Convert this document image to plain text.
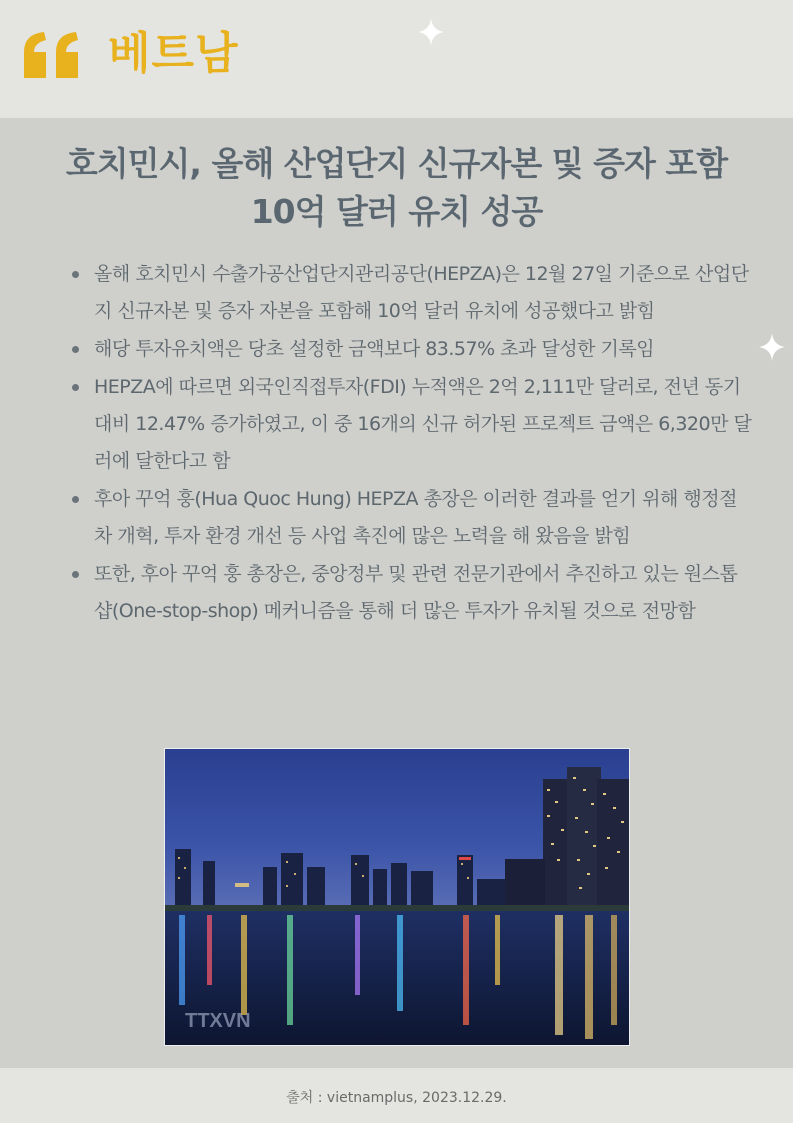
베트남
호치민시, 올해 산업단지 신규자본 및 증자 포함
10억 달러 유치 성공
올해 호치민시 수출가공산업단지관리공단(HEPZA)은 12월 27일 기준으로 산업단지 신규자본 및 증자 자본을 포함해 10억 달러 유치에 성공했다고 밝힘
해당 투자유치액은 당초 설정한 금액보다 83.57% 초과 달성한 기록임
HEPZA에 따르면 외국인직접투자(FDI) 누적액은 2억 2,111만 달러로, 전년 동기 대비 12.47% 증가하였고, 이 중 16개의 신규 허가된 프로젝트 금액은 6,320만 달러에 달한다고 함
후아 꾸억 훙(Hua Quoc Hung) HEPZA 총장은 이러한 결과를 얻기 위해 행정절차 개혁, 투자 환경 개선 등 사업 촉진에 많은 노력을 해 왔음을 밝힘
또한, 후아 꾸억 훙 총장은, 중앙정부 및 관련 전문기관에서 추진하고 있는 원스톱샵(One-stop-shop) 메커니즘을 통해 더 많은 투자가 유치될 것으로 전망함
TTXVN
출처 : vietnamplus, 2023.12.29.
